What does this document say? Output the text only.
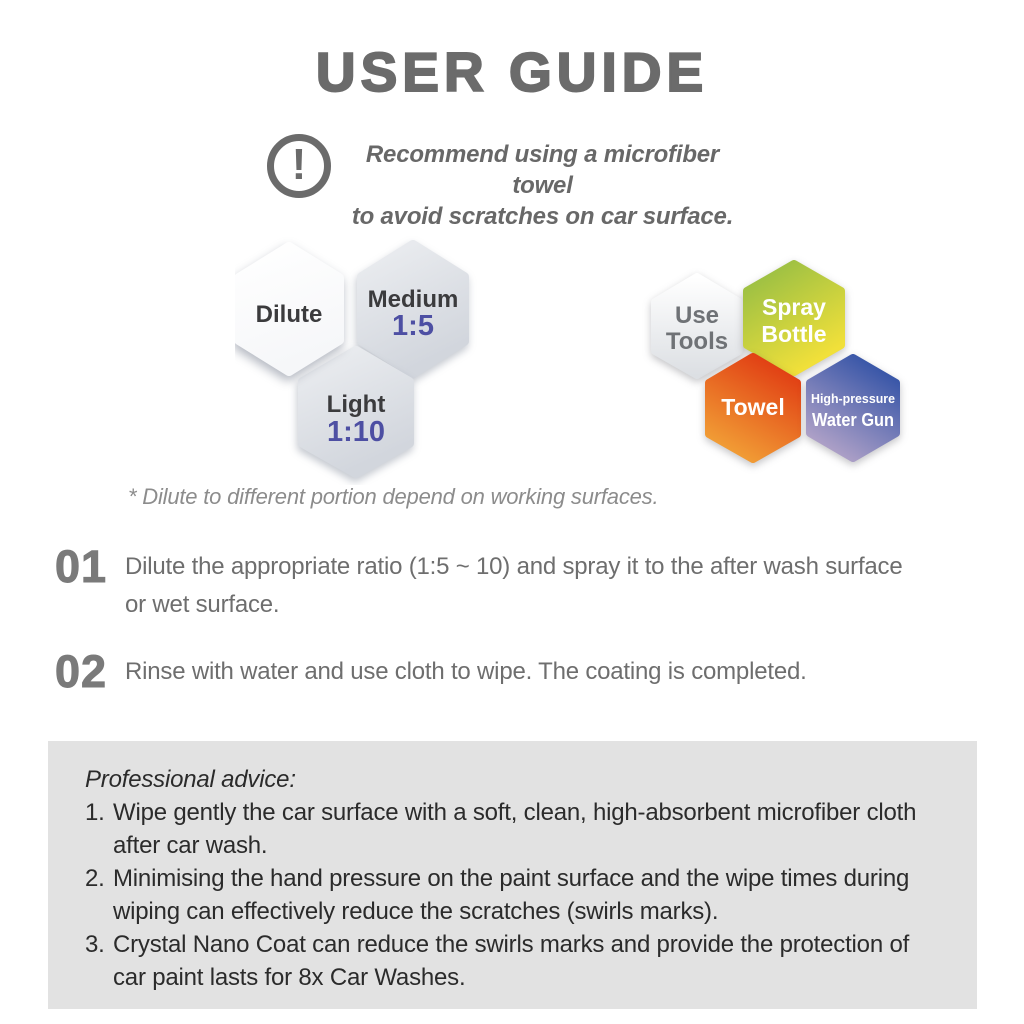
USER GUIDE
!	Recommend using a microfiber towel
to avoid scratches on car surface.
Medium
1:5
Light
1:10
Dilute	Use
Tools
Spray
Bottle
Towel High-pressure
Water Gun
* Dilute to different portion depend on working surfaces.
01 Dilute the appropriate ratio (1:5 ~ 10) and spray it to the after wash surface
or wet surface.
02 Rinse with water and use cloth to wipe. The coating is completed.
Professional advice:
1. Wipe gently the car surface with a soft, clean, high-absorbent microfiber cloth
after car wash.
2. Minimising the hand pressure on the paint surface and the wipe times during
wiping can effectively reduce the scratches (swirls marks).
3. Crystal Nano Coat can reduce the swirls marks and provide the protection of
car paint lasts for 8x Car Washes.
